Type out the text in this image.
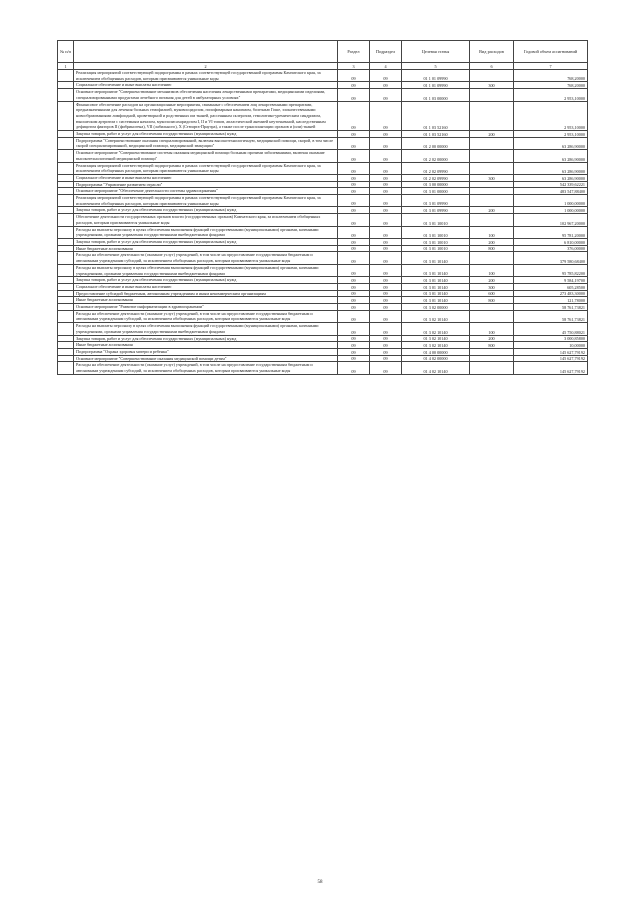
№ п/п		Раздел	Подраздел	Целевая статья	Вид расходов	Годовой объем ассигнований
1	2	3	4	5	6	7
	Реализация мероприятий соответствующей подпрограммы в рамках соответствующей государственной программы Камчатского края, за исключением обобщенных расходов, которым присваиваются уникальные коды	09	09	01 1 01 09990		768,20000
	Социальное обеспечение и иные выплаты населению	09	09	01 1 01 09990	300	768,20000
	Основное мероприятие "Совершенствование механизмов обеспечения населения лекарственными препаратами, медицинскими изделиями, специализированными продуктами лечебного питания для детей в амбулаторных условиях"	09	09	01 1 03 00000		2 953,10000
	Финансовое обеспечение расходов на организационные мероприятия, связанные с обеспечением лиц лекарственными препаратами, предназначенными для лечения больных гемофилией, муковисцидозом, гипофизарным нанизмом, болезнью Гоше, злокачественными новообразованиями лимфоидной, кроветворной и родственных им тканей, рассеянным склерозом, гемолитико-уремическим синдромом, юношеским артритом с системным началом, мукополисахаридозом I, II и VI типов, апластической анемией неуточненной, наследственным дефицитом факторов II (фибриногена), VII (лабильного), X (Стюарта-Прауэра), а также после трансплантации органов и (или) тканей	09	09	01 1 03 52160		2 953,10000
	Закупка товаров, работ и услуг для обеспечения государственных (муниципальных) нужд	09	09	01 1 03 52160	200	2 953,10000
	Подпрограмма "Совершенствование оказания специализированной, включая высокотехнологичную, медицинской помощи, скорой, в том числе скорой специализированной, медицинской помощи, медицинской эвакуации"	09	09	01 2 00 00000		63 286,90000
	Основное мероприятие "Совершенствование системы оказания медицинской помощи больным прочими заболеваниями, включая оказание высокотехнологичной медицинской помощи"	09	09	01 2 02 00000		63 286,90000
	Реализация мероприятий соответствующей подпрограммы в рамках соответствующей государственной программы Камчатского края, за исключением обобщенных расходов, которым присваиваются уникальные коды	09	09	01 2 02 09990		63 286,90000
	Социальное обеспечение и иные выплаты населению	09	09	01 2 02 09990	300	63 286,90000
	Подпрограмма "Управление развитием отрасли"	09	09	01 3 00 00000		542 339,62221
	Основное мероприятие "Обеспечение деятельности системы здравоохранения"	09	09	01 3 01 00000		483 547,88400
	Реализация мероприятий соответствующей подпрограммы в рамках соответствующей государственной программы Камчатского края, за исключением обобщенных расходов, которым присваиваются уникальные коды	09	09	01 3 01 09990		1 000,00000
	Закупка товаров, работ и услуг для обеспечения государственных (муниципальных) нужд	09	09	01 3 01 09990	200	1 000,00000
	Обеспечение деятельности государственных органов власти (государственных органов) Камчатского края, за исключением обобщенных расходов, которым присваиваются уникальные коды	09	09	01 3 01 10010		102 967,20000
	Расходы на выплаты персоналу в целях обеспечения выполнения функций государственными (муниципальными) органами, казенными учреждениями, органами управления государственными внебюджетными фондами	09	09	01 3 01 10010	100	95 781,20000
	Закупка товаров, работ и услуг для обеспечения государственных (муниципальных) нужд	09	09	01 3 01 10010	200	6 810,00000
	Иные бюджетные ассигнования	09	09	01 3 01 10010	800	376,00000
	Расходы на обеспечение деятельности (оказание услуг) учреждений, в том числе на предоставление государственным бюджетным и автономным учреждениям субсидий, за исключением обобщенных расходов, которым присваиваются уникальные коды	09	09	01 3 01 10140		379 580,68400
	Расходы на выплаты персоналу в целях обеспечения выполнения функций государственными (муниципальными) органами, казенными учреждениями, органами управления государственными внебюджетными фондами	09	09	01 3 01 10140	100	95 785,82200
	Закупка товаров, работ и услуг для обеспечения государственных (муниципальных) нужд	09	09	01 3 01 10140	200	9 584,19700
	Социальное обеспечение и иные выплаты населению	09	09	01 3 01 10140	300	605,28500
	Предоставление субсидий бюджетным, автономным учреждениям и иным некоммерческим организациям	09	09	01 3 01 10140	600	273 483,30000
	Иные бюджетные ассигнования	09	09	01 3 01 10140	800	121,78000
	Основное мероприятие "Развитие информатизации в здравоохранении"	09	09	01 3 02 00000		58 761,73821
	Расходы на обеспечение деятельности (оказание услуг) учреждений, в том числе на предоставление государственным бюджетным и автономным учреждениям субсидий, за исключением обобщенных расходов, которым присваиваются уникальные коды	09	09	01 3 02 10140		58 761,73821
	Расходы на выплаты персоналу в целях обеспечения выполнения функций государственными (муниципальными) органами, казенными учреждениями, органами управления государственными внебюджетными фондами	09	09	01 3 02 10140	100	45 750,88021
	Закупка товаров, работ и услуг для обеспечения государственных (муниципальных) нужд	09	09	01 3 02 10140	200	3 000,85800
	Иные бюджетные ассигнования	09	09	01 3 02 10140	800	10,00000
	Подпрограмма "Охрана здоровья матери и ребенка"	09	09	01 4 00 00000		145 627,79192
	Основное мероприятие "Совершенствование оказания медицинской помощи детям"	09	09	01 4 02 00000		145 627,79192
	Расходы на обеспечение деятельности (оказание услуг) учреждений, в том числе на предоставление государственным бюджетным и автономным учреждениям субсидий, за исключением обобщенных расходов, которым присваиваются уникальные коды	09	09	01 4 02 10140		145 627,79192
58
